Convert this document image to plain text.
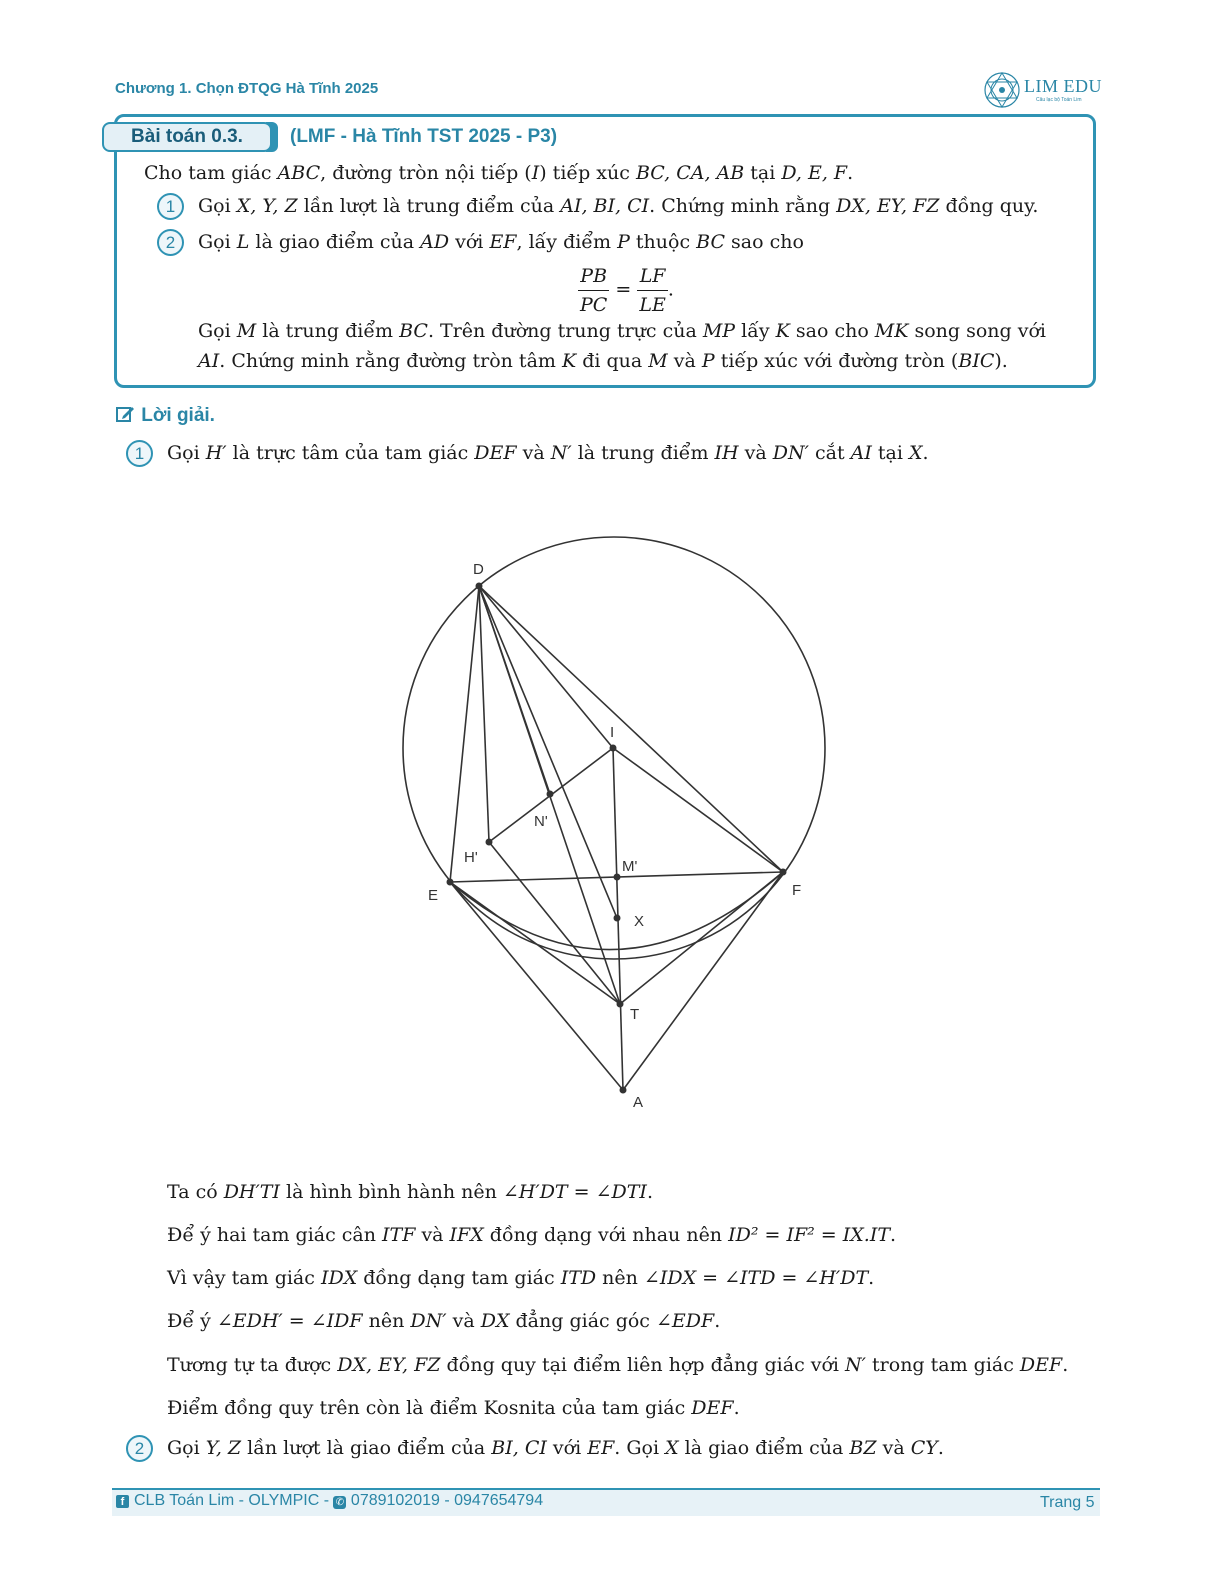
Chương 1. Chọn ĐTQG Hà Tĩnh 2025	LIM EDU
Câu lạc bộ Toán Lim
Bài toán 0.3.	(LMF - Hà Tĩnh TST 2025 - P3)
Cho tam giác ABC, đường tròn nội tiếp (I) tiếp xúc BC, CA, AB tại D, E, F.
1	Gọi X, Y, Z lần lượt là trung điểm của AI, BI, CI. Chứng minh rằng DX, EY, FZ đồng quy.
2	Gọi L là giao điểm của AD với EF, lấy điểm P thuộc BC sao cho
$\frac{PB}{PC} = \frac{LF}{LE}$ .
Gọi M là trung điểm BC. Trên đường trung trực của MP lấy K sao cho MK song song với
AI. Chứng minh rằng đường tròn tâm K đi qua M và P tiếp xúc với đường tròn (BIC).
Lời giải.
1	Gọi H′ là trực tâm của tam giác DEF và N′ là trung điểm IH và DN′ cắt AI tại X.
D
I
N'
H'
M'
E	F
X
T
A
Ta có DH′TI là hình bình hành nên ∠H′DT = ∠DTI.
Để ý hai tam giác cân ITF và IFX đồng dạng với nhau nên ID² = IF² = IX.IT.
Vì vậy tam giác IDX đồng dạng tam giác ITD nên ∠IDX = ∠ITD = ∠H′DT.
Để ý ∠EDH′ = ∠IDF nên DN′ và DX đẳng giác góc ∠EDF.
Tương tự ta được DX, EY, FZ đồng quy tại điểm liên hợp đẳng giác với N′ trong tam giác DEF.
Điểm đồng quy trên còn là điểm Kosnita của tam giác DEF.
2	Gọi Y, Z lần lượt là giao điểm của BI, CI với EF. Gọi X là giao điểm của BZ và CY.
f CLB Toán Lim - OLYMPIC - ✆ 0789102019 - 0947654794	Trang 5
